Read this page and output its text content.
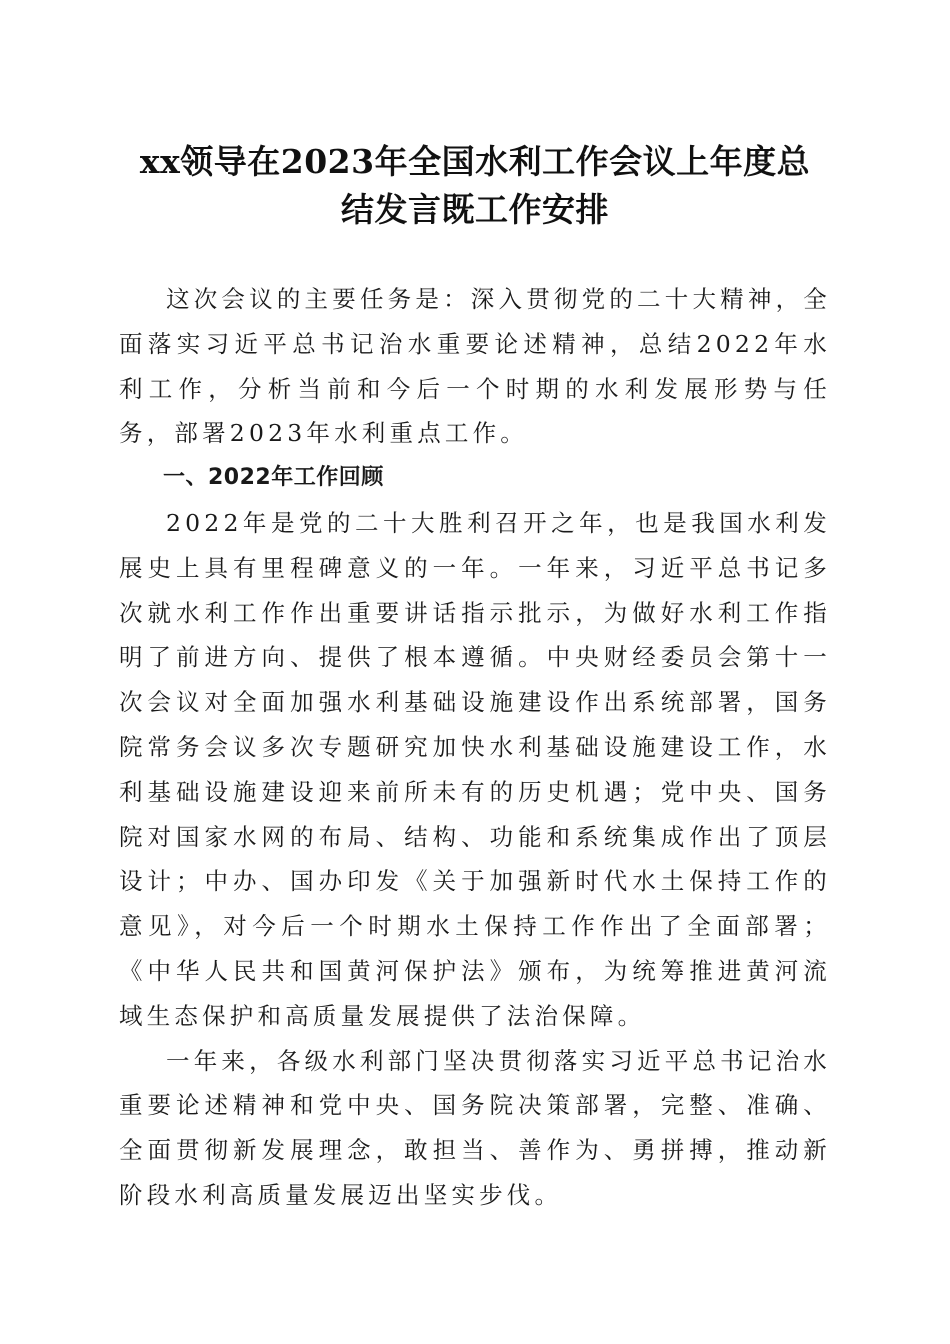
xx领导在2023年全国水利工作会议上年度总
结发言既工作安排

这次会议的主要任务是：深入贯彻党的二十大精神，全面落实习近平总书记治水重要论述精神，总结2022年水利工作，分析当前和今后一个时期的水利发展形势与任务，部署2023年水利重点工作。

一、2022年工作回顾

2022年是党的二十大胜利召开之年，也是我国水利发展史上具有里程碑意义的一年。一年来，习近平总书记多次就水利工作作出重要讲话指示批示，为做好水利工作指明了前进方向、提供了根本遵循。中央财经委员会第十一次会议对全面加强水利基础设施建设作出系统部署，国务院常务会议多次专题研究加快水利基础设施建设工作，水利基础设施建设迎来前所未有的历史机遇；党中央、国务院对国家水网的布局、结构、功能和系统集成作出了顶层设计；中办、国办印发《关于加强新时代水土保持工作的意见》，对今后一个时期水土保持工作作出了全面部署；《中华人民共和国黄河保护法》颁布，为统筹推进黄河流域生态保护和高质量发展提供了法治保障。

一年来，各级水利部门坚决贯彻落实习近平总书记治水重要论述精神和党中央、国务院决策部署，完整、准确、全面贯彻新发展理念，敢担当、善作为、勇拼搏，推动新阶段水利高质量发展迈出坚实步伐。
